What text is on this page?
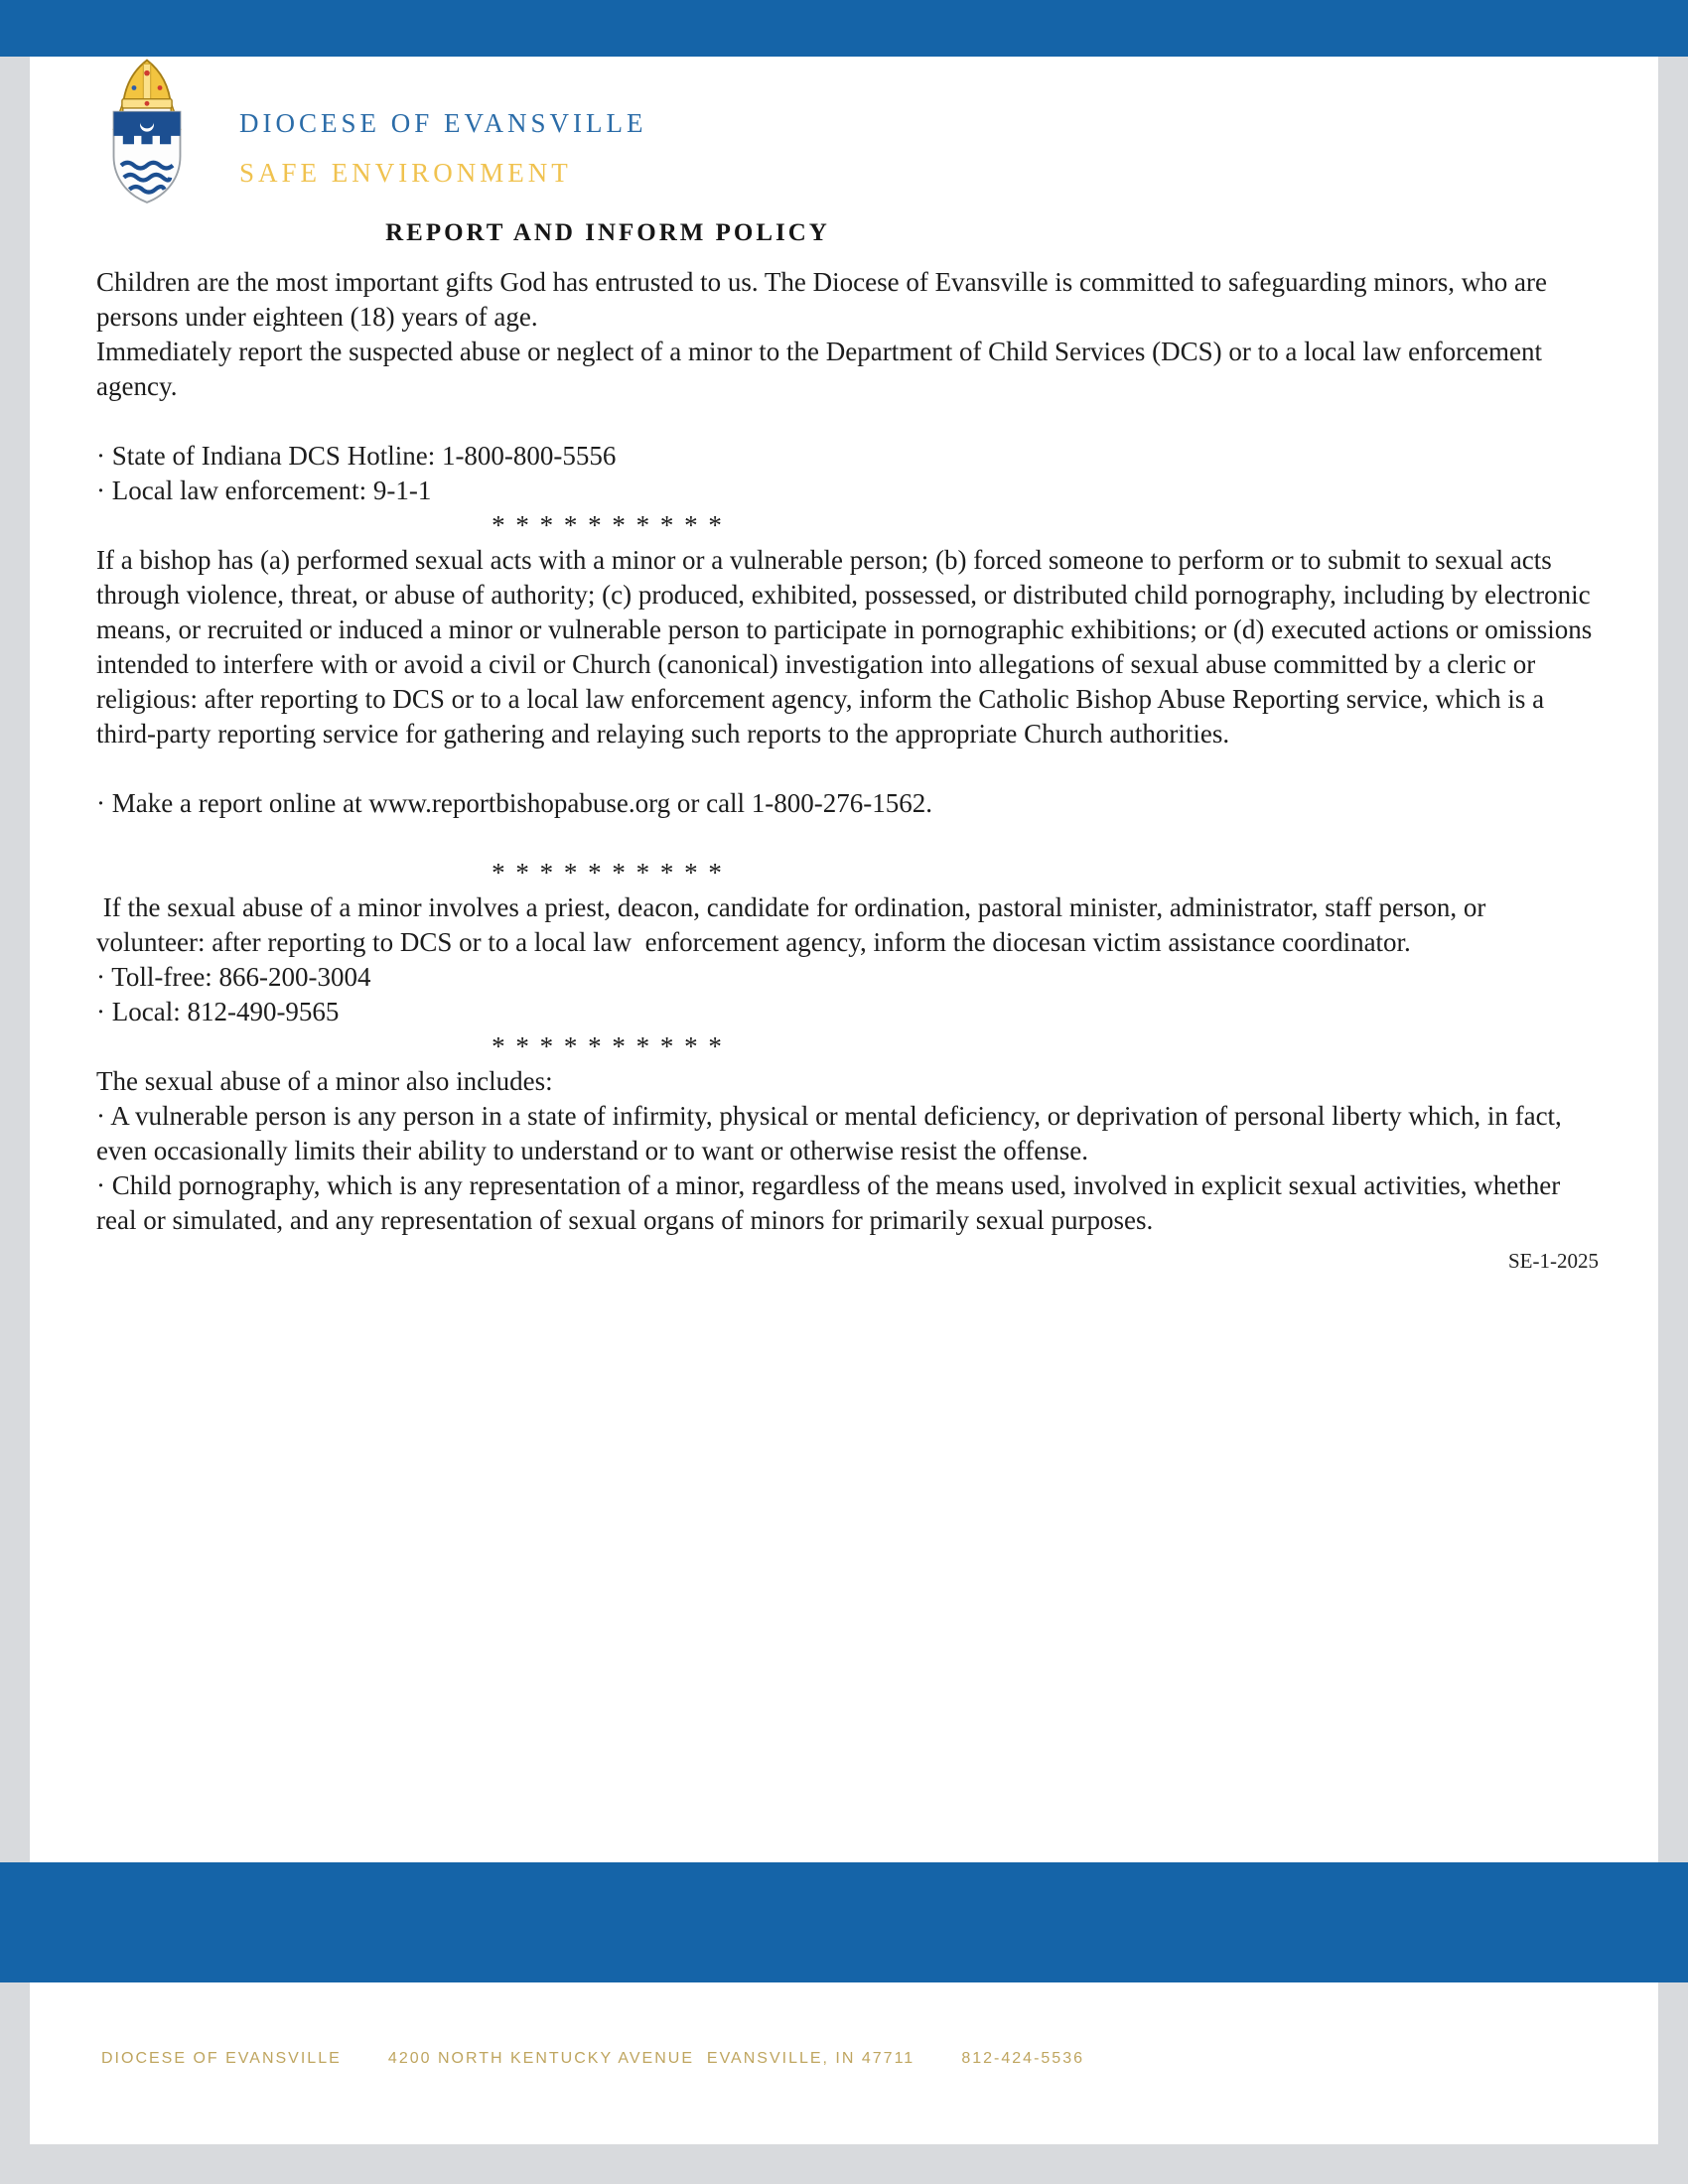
DIOCESE OF EVANSVILLE
SAFE ENVIRONMENT
REPORT AND INFORM POLICY

Children are the most important gifts God has entrusted to us. The Diocese of Evansville is committed to safeguarding minors, who are persons under eighteen (18) years of age.

Immediately report the suspected abuse or neglect of a minor to the Department of Child Services (DCS) or to a local law enforcement agency.

· State of Indiana DCS Hotline: 1-800-800-5556

· Local law enforcement: 9-1-1

* * * * * * * * * *

If a bishop has (a) performed sexual acts with a minor or a vulnerable person; (b) forced someone to perform or to submit to sexual acts through violence, threat, or abuse of authority; (c) produced, exhibited, possessed, or distributed child pornography, including by electronic means, or recruited or induced a minor or vulnerable person to participate in pornographic exhibitions; or (d) executed actions or omissions intended to interfere with or avoid a civil or Church (canonical) investigation into allegations of sexual abuse committed by a cleric or religious: after reporting to DCS or to a local law enforcement agency, inform the Catholic Bishop Abuse Reporting service, which is a third-party reporting service for gathering and relaying such reports to the appropriate Church authorities.

· Make a report online at www.reportbishopabuse.org or call 1-800-276-1562.

* * * * * * * * * *

If the sexual abuse of a minor involves a priest, deacon, candidate for ordination, pastoral minister, administrator, staff person, or volunteer: after reporting to DCS or to a local law  enforcement agency, inform the diocesan victim assistance coordinator.

· Toll-free: 866-200-3004

· Local: 812-490-9565

* * * * * * * * * *

The sexual abuse of a minor also includes:

· A vulnerable person is any person in a state of infirmity, physical or mental deficiency, or deprivation of personal liberty which, in fact, even occasionally limits their ability to understand or to want or otherwise resist the offense.

· Child pornography, which is any representation of a minor, regardless of the means used, involved in explicit sexual activities, whether real or simulated, and any representation of sexual organs of minors for primarily sexual purposes.

SE-1-2025
DIOCESE OF EVANSVILLE	4200 NORTH KENTUCKY AVENUE  EVANSVILLE, IN 47711	812-424-5536
